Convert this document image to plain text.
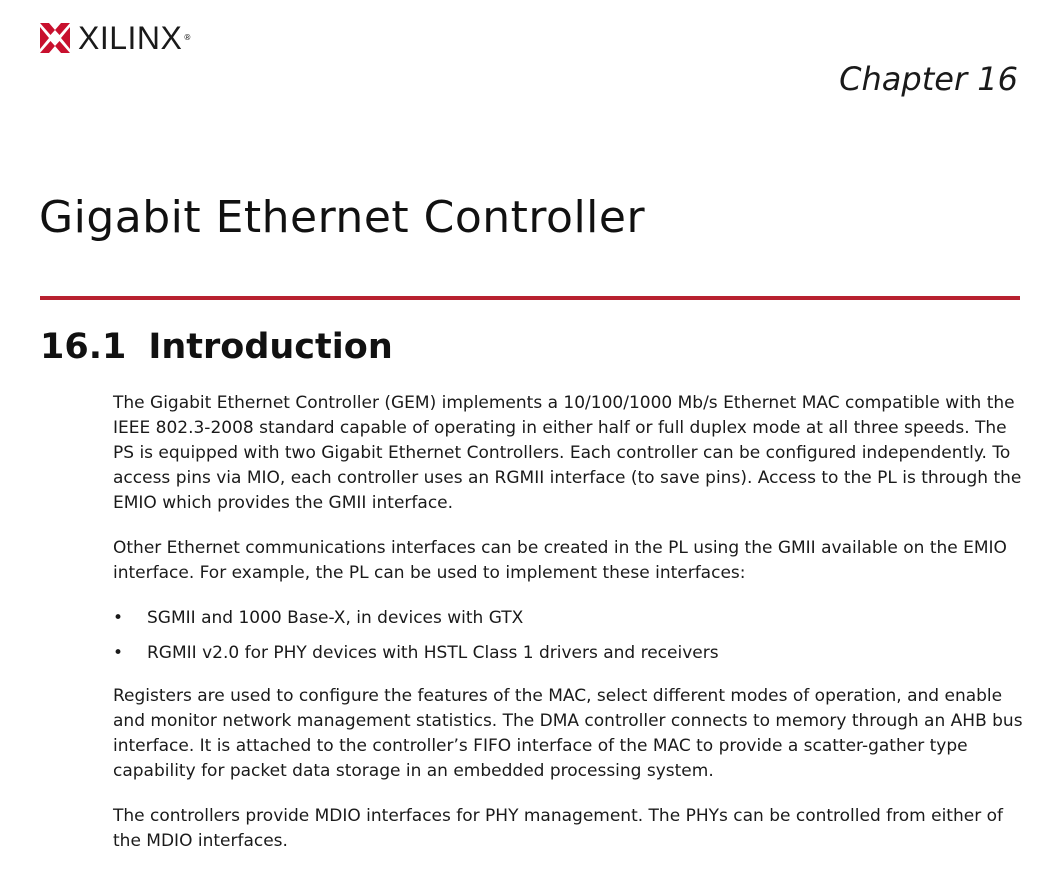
XILINX ®
Chapter 16
Gigabit Ethernet Controller
16.1 Introduction

The Gigabit Ethernet Controller (GEM) implements a 10/100/1000 Mb/s Ethernet MAC compatible with the IEEE 802.3-2008 standard capable of operating in either half or full duplex mode at all three speeds. The PS is equipped with two Gigabit Ethernet Controllers. Each controller can be configured independently. To access pins via MIO, each controller uses an RGMII interface (to save pins). Access to the PL is through the EMIO which provides the GMII interface.

Other Ethernet communications interfaces can be created in the PL using the GMII available on the EMIO interface. For example, the PL can be used to implement these interfaces:

• SGMII and 1000 Base-X, in devices with GTX
• RGMII v2.0 for PHY devices with HSTL Class 1 drivers and receivers

Registers are used to configure the features of the MAC, select different modes of operation, and enable and monitor network management statistics. The DMA controller connects to memory through an AHB bus interface. It is attached to the controller’s FIFO interface of the MAC to provide a scatter-gather type capability for packet data storage in an embedded processing system.

The controllers provide MDIO interfaces for PHY management. The PHYs can be controlled from either of the MDIO interfaces.
